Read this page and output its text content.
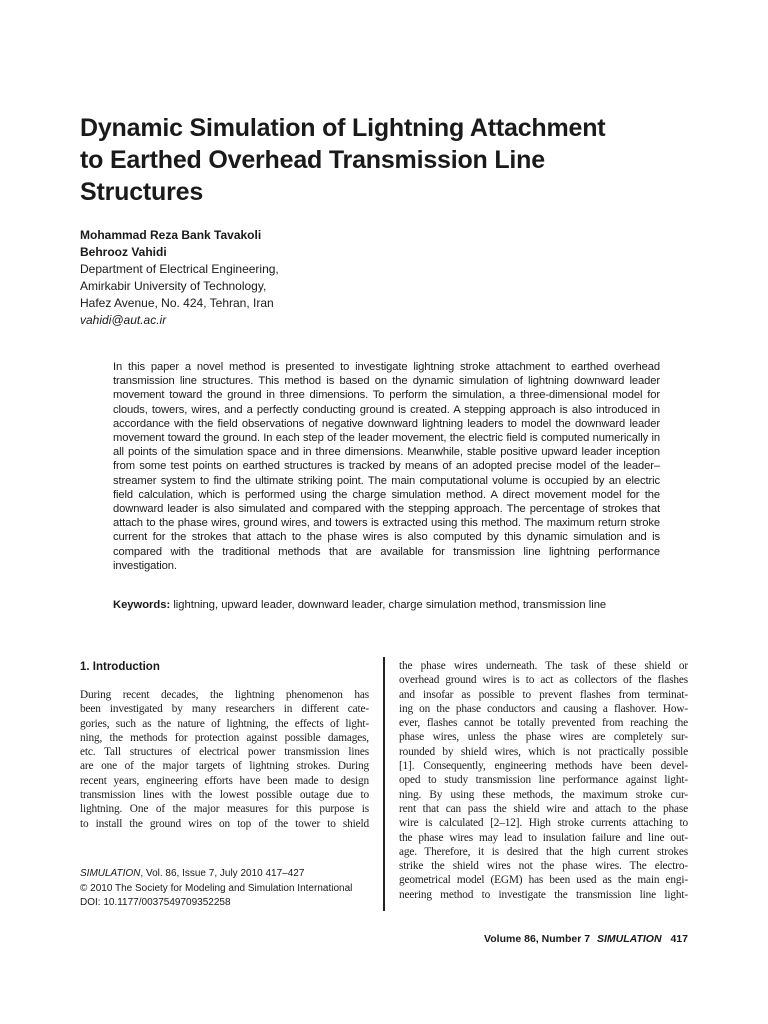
Dynamic Simulation of Lightning Attachment
to Earthed Overhead Transmission Line
Structures
Mohammad Reza Bank Tavakoli
Behrooz Vahidi
Department of Electrical Engineering,
Amirkabir University of Technology,
Hafez Avenue, No. 424, Tehran, Iran
vahidi@aut.ac.ir
In this paper a novel method is presented to investigate lightning stroke attachment to earthed overhead transmission line structures. This method is based on the dynamic simulation of lightning downward leader movement toward the ground in three dimensions. To perform the simulation, a three-dimensional model for clouds, towers, wires, and a perfectly conducting ground is created. A stepping approach is also introduced in accordance with the field observations of negative downward lightning leaders to model the downward leader movement toward the ground. In each step of the leader movement, the electric field is computed numerically in all points of the simulation space and in three dimensions. Meanwhile, stable positive upward leader inception from some test points on earthed structures is tracked by means of an adopted precise model of the leader–streamer system to find the ultimate striking point. The main computational volume is occupied by an electric field calculation, which is performed using the charge simulation method. A direct movement model for the downward leader is also simulated and compared with the stepping approach. The percentage of strokes that attach to the phase wires, ground wires, and towers is extracted using this method. The maximum return stroke current for the strokes that attach to the phase wires is also computed by this dynamic simulation and is compared with the traditional methods that are available for transmission line lightning performance investigation.
Keywords: lightning, upward leader, downward leader, charge simulation method, transmission line
1. Introduction
During recent decades, the lightning phenomenon has
been investigated by many researchers in different cate-
gories, such as the nature of lightning, the effects of light-
ning, the methods for protection against possible damages,
etc. Tall structures of electrical power transmission lines
are one of the major targets of lightning strokes. During
recent years, engineering efforts have been made to design
transmission lines with the lowest possible outage due to
lightning. One of the major measures for this purpose is
to install the ground wires on top of the tower to shield
the phase wires underneath. The task of these shield or
overhead ground wires is to act as collectors of the flashes
and insofar as possible to prevent flashes from terminat-
ing on the phase conductors and causing a flashover. How-
ever, flashes cannot be totally prevented from reaching the
phase wires, unless the phase wires are completely sur-
rounded by shield wires, which is not practically possible
[1]. Consequently, engineering methods have been devel-
oped to study transmission line performance against light-
ning. By using these methods, the maximum stroke cur-
rent that can pass the shield wire and attach to the phase
wire is calculated [2–12]. High stroke currents attaching to
the phase wires may lead to insulation failure and line out-
age. Therefore, it is desired that the high current strokes
strike the shield wires not the phase wires. The electro-
geometrical model (EGM) has been used as the main engi-
neering method to investigate the transmission line light-
SIMULATION, Vol. 86, Issue 7, July 2010 417–427
© 2010 The Society for Modeling and Simulation International
DOI: 10.1177/0037549709352258
Volume 86, Number 7 SIMULATION 417
